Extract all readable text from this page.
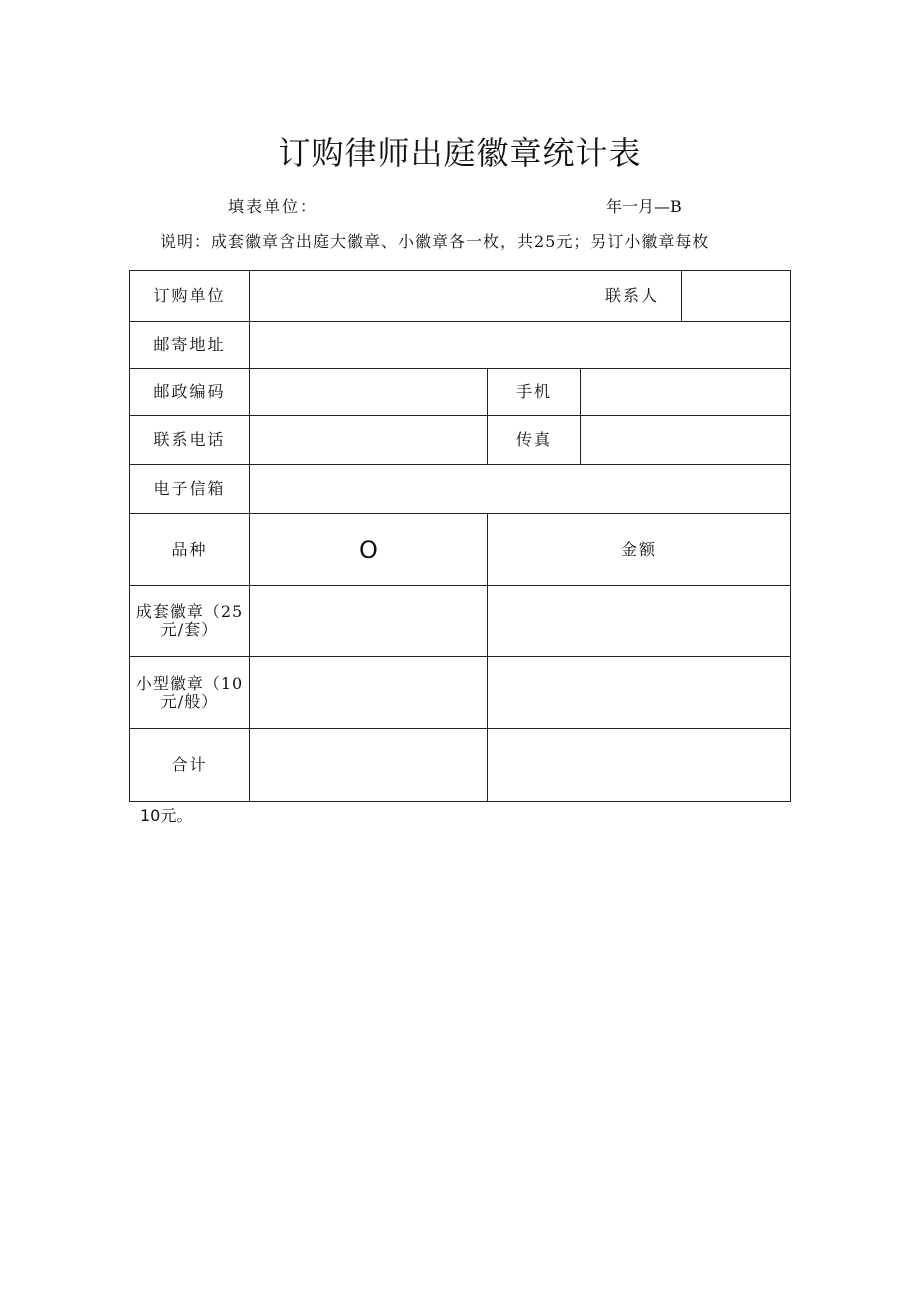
订购律师出庭徽章统计表
填表单位：	年一月—B
说明：成套徽章含出庭大徽章、小徽章各一枚，共25元；另订小徽章每枚
订购单位	联系人
邮寄地址
邮政编码	手机
联系电话	传真
电子信箱
品种	O	金额
成套徽章（25元/套）
小型徽章（10元/般）
合计
10元。
